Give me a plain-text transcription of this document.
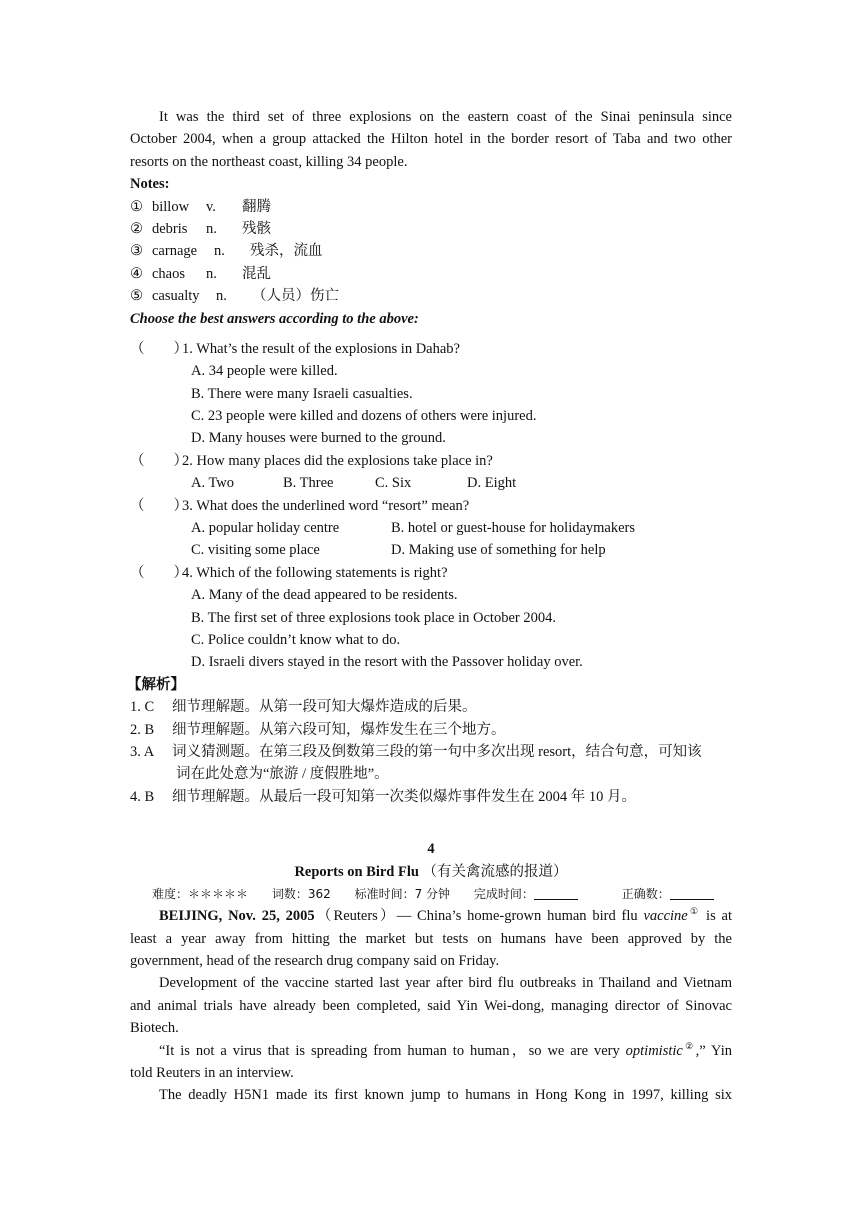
It was the third set of three explosions on the eastern coast of the Sinai peninsula since
October 2004, when a group attacked the Hilton hotel in the border resort of Taba and two other
resorts on the northeast coast, killing 34 people.
Notes:
① billow v. 翻腾
② debris n. 残骸
③ carnage n. 残杀，流血
④ chaos n. 混乱
⑤ casualty n. （人员）伤亡
Choose the best answers according to the above:
（　　）
1. What’s the result of the explosions in Dahab?
A. 34 people were killed.
B. There were many Israeli casualties.
C. 23 people were killed and dozens of others were injured.
D. Many houses were burned to the ground.
（　　）
2. How many places did the explosions take place in?
A. Two	B. Three	C. Six	D. Eight
（　　）
3. What does the underlined word “resort” mean?
A. popular holiday centre	B. hotel or guest-house for holidaymakers
C. visiting some place	D. Making use of something for help
（　　）
4. Which of the following statements is right?
A. Many of the dead appeared to be residents.
B. The first set of three explosions took place in October 2004.
C. Police couldn’t know what to do.
D. Israeli divers stayed in the resort with the Passover holiday over.
【解析】
1. C 细节理解题。从第一段可知大爆炸造成的后果。
2. B 细节理解题。从第六段可知，爆炸发生在三个地方。
3. A 词义猜测题。在第三段及倒数第三段的第一句中多次出现 resort，结合句意，可知该
词在此处意为“旅游 / 度假胜地”。
4. B 细节理解题。从最后一段可知第一次类似爆炸事件发生在 2004 年 10 月。
4
Reports on Bird Flu （有关禽流感的报道）
难度：＊＊＊＊＊ 词数：362 标准时间：7 分钟 完成时间：	正确数：
BEIJING, Nov. 25, 2005（Reuters）— China’s home-grown human bird flu vaccine① is at
least a year away from hitting the market but tests on humans have been approved by the
government, head of the research drug company said on Friday.
Development of the vaccine started last year after bird flu outbreaks in Thailand and Vietnam
and animal trials have already been completed, said Yin Wei-dong, managing director of Sinovac
Biotech.
“It is not a virus that is spreading from human to human，so we are very optimistic②,” Yin
told Reuters in an interview.
The deadly H5N1 made its first known jump to humans in Hong Kong in 1997, killing six
